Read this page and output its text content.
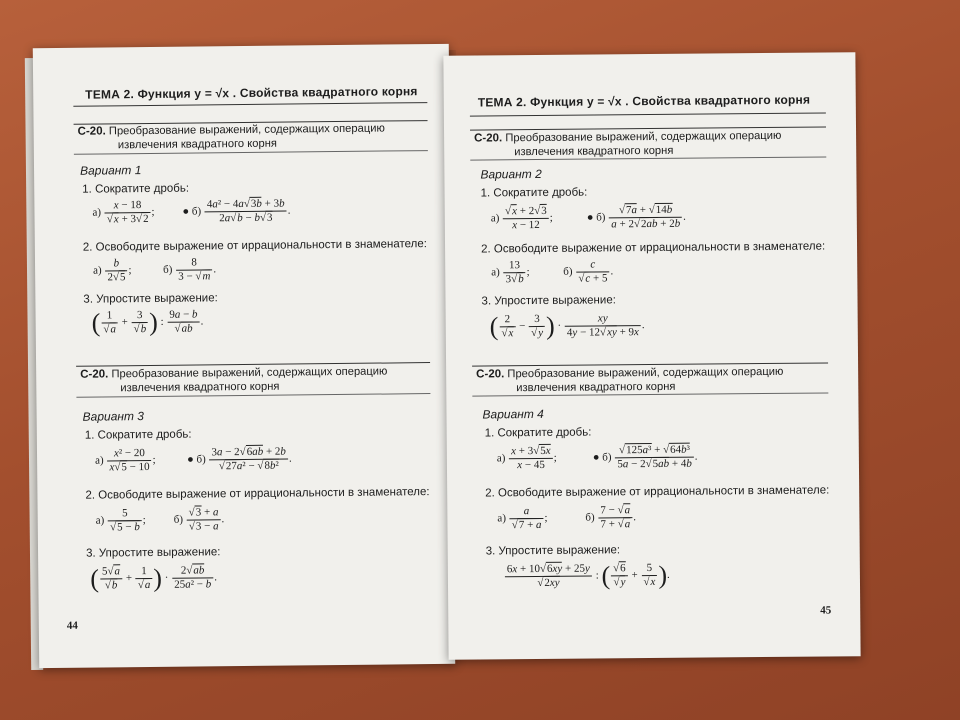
ТЕМА 2. Функция y = √x . Свойства квадратного корня
С-20. Преобразование выражений, содержащих операцию
извлечения квадратного корня
Вариант 1
1. Сократите дробь:
$а) \frac{x - 18}{√x + 3√2}$ ;	● $б) \frac{\text{4a² − 4a√3b + 3b}}{2a√b - b√3}$ .
2. Освободите выражение от иррациональности в знаменателе:
$а) \frac{b}{2√5}$ ;	$б) \frac{8}{3 - √m}$ .
3. Упростите выражение:
( $\frac{1}{√a} + \frac{3}{√b}$ ) : $\frac{9a - b}{√ab}$ .
С-20. Преобразование выражений, содержащих операцию
извлечения квадратного корня
Вариант 3
1. Сократите дробь:
$а) \frac{\text{x² − 20}}{x√5 - 10}$ ;	● $б) \frac{3a - 2√6ab + 2b}{\text{√27a² − √8b²}}$ .
2. Освободите выражение от иррациональности в знаменателе:
$а) \frac{5}{√5 - b}$ ;	$б) \frac{√3 + a}{√3 - a}$ .
3. Упростите выражение:
( $\frac{5√a}{√b} + \frac{1}{√a}$ ) · $\frac{2√ab}{\text{25a² − b}}$ .
44
ТЕМА 2. Функция y = √x . Свойства квадратного корня
С-20. Преобразование выражений, содержащих операцию
извлечения квадратного корня
Вариант 2
1. Сократите дробь:
$а) \frac{√x + 2√3}{x - 12}$ ;	● $б) \frac{√7a + √14b}{a + 2√2ab + 2b}$ .
2. Освободите выражение от иррациональности в знаменателе:
$а) \frac{13}{3√b}$ ;	$б) \frac{c}{√c + 5}$ .
3. Упростите выражение:
( $\frac{2}{√x} - \frac{3}{√y}$ ) · $\frac{xy}{4y - 12√xy + 9x}$ .
С-20. Преобразование выражений, содержащих операцию
извлечения квадратного корня
Вариант 4
1. Сократите дробь:
$а) \frac{x + 3√5x}{x - 45}$ ;	● $б) \frac{\text{√125a³ + √64b³}}{5a - 2√5ab + 4b}$ .
2. Освободите выражение от иррациональности в знаменателе:
$а) \frac{a}{√7 + a}$ ;	$б) \frac{7 - √a}{7 + √a}$ .
3. Упростите выражение:
$\frac{6x + 10√6xy + 25y}{√2xy}$ : ( $\frac{√6}{√y} + \frac{5}{√x}$ ).
45
